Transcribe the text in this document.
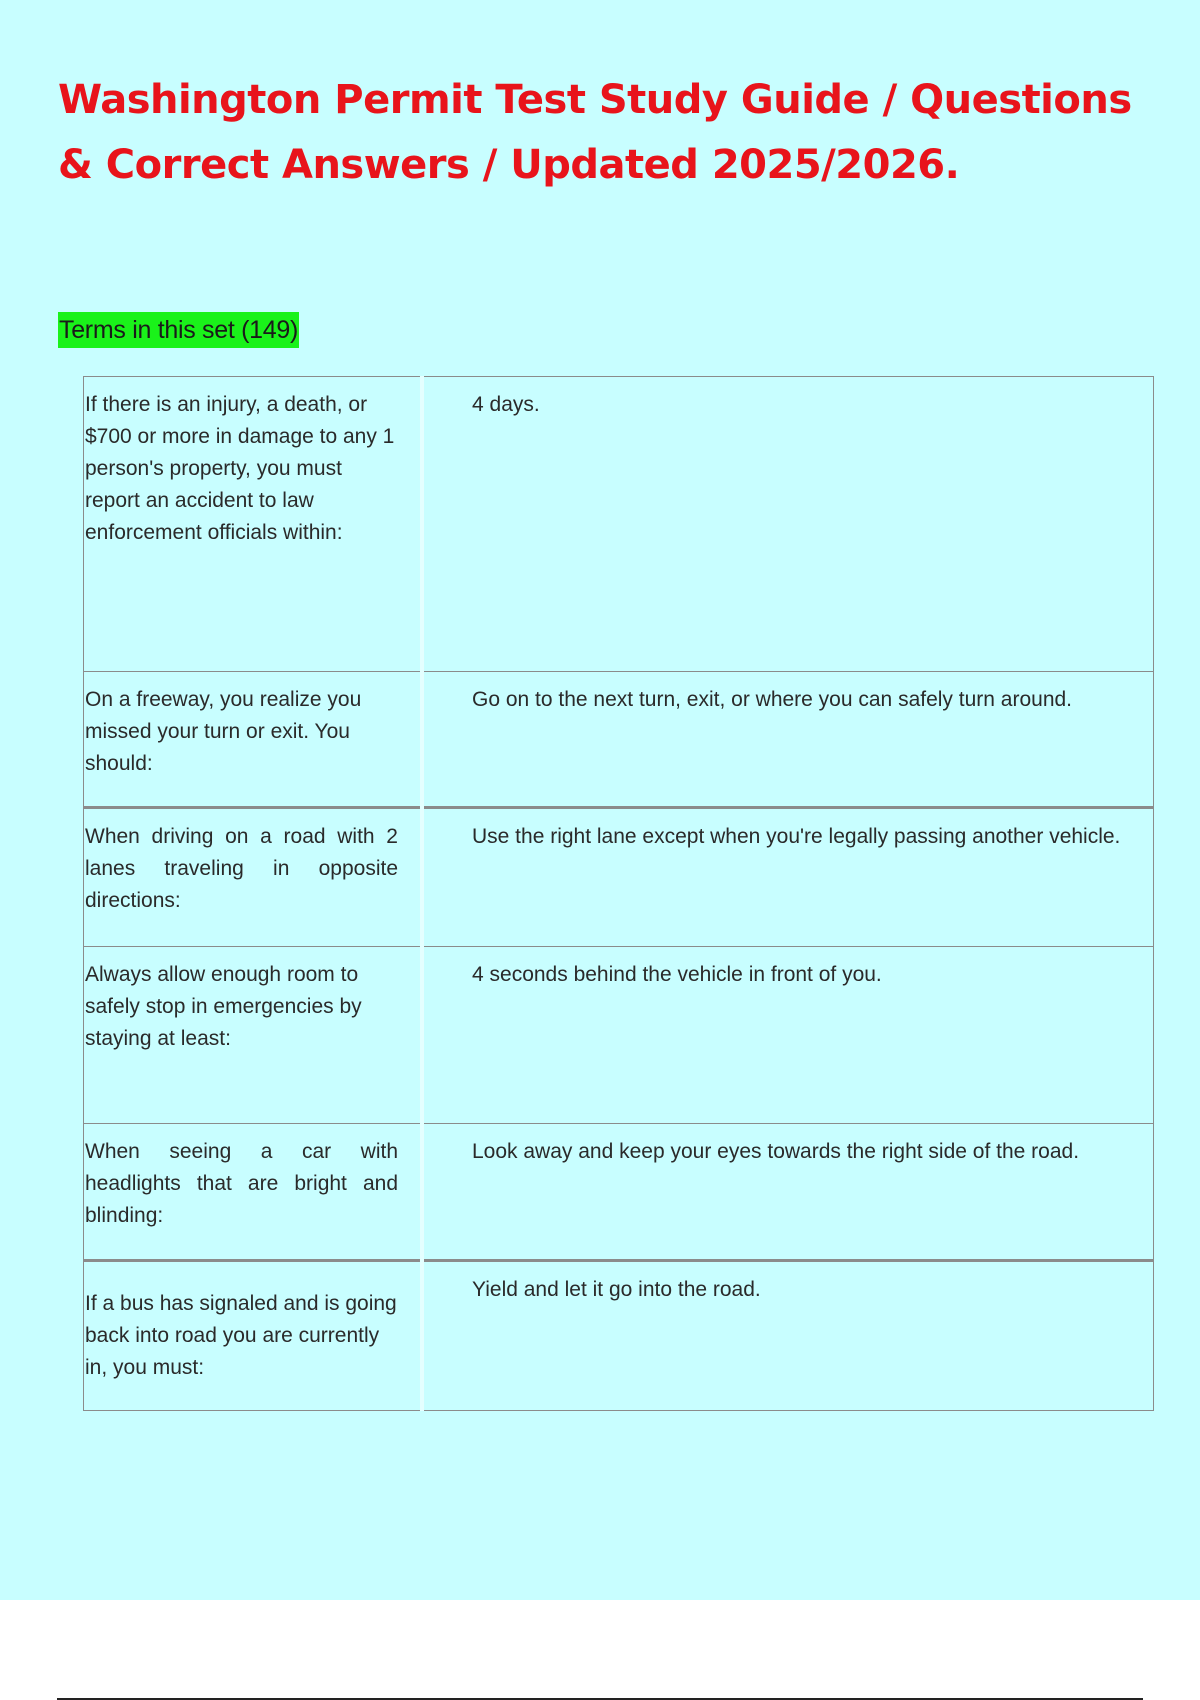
Washington Permit Test Study Guide / Questions & Correct Answers / Updated 2025/2026.
Terms in this set (149)
If there is an injury, a death, or $700 or more in damage to any 1 person's property, you must report an accident to law enforcement officials within:	4 days.
On a freeway, you realize you missed your turn or exit. You should:	Go on to the next turn, exit, or where you can safely turn around.
When driving on a road with 2 lanes traveling in opposite directions:	Use the right lane except when you're legally passing another vehicle.
Always allow enough room to safely stop in emergencies by staying at least:	4 seconds behind the vehicle in front of you.
When seeing a car with headlights that are bright and blinding:	Look away and keep your eyes towards the right side of the road.
If a bus has signaled and is going back into road you are currently in, you must:	Yield and let it go into the road.
